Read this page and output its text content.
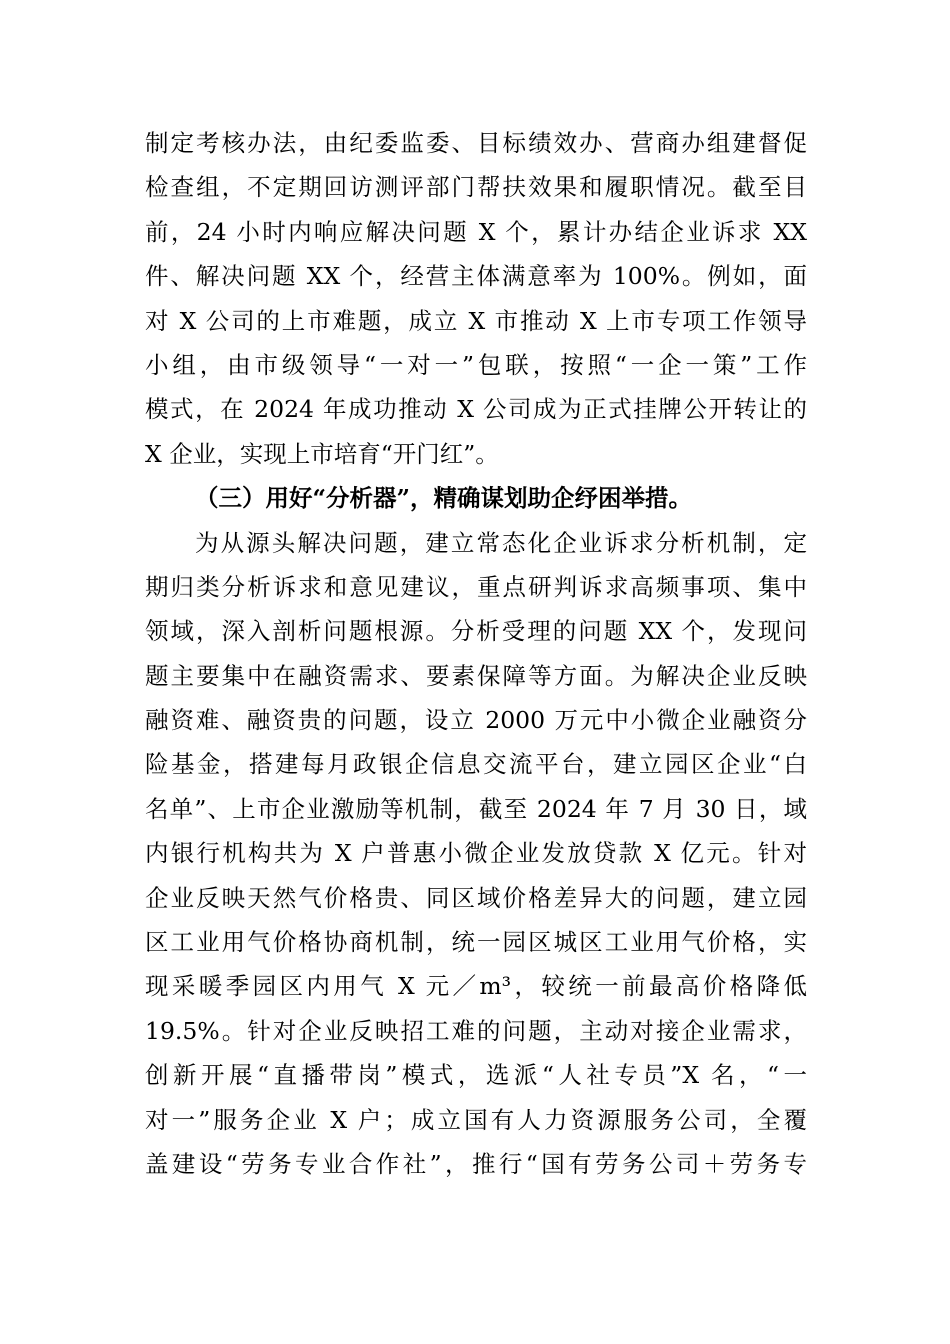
制定考核办法，由纪委监委、目标绩效办、营商办组建督促
检查组，不定期回访测评部门帮扶效果和履职情况。截至目
前，24 小时内响应解决问题 X 个，累计办结企业诉求 XX
件、解决问题 XX 个，经营主体满意率为 100%。例如，面
对 X 公司的上市难题，成立 X 市推动 X 上市专项工作领导
小组，由市级领导“一对一”包联，按照“一企一策”工作
模式，在 2024 年成功推动 X 公司成为正式挂牌公开转让的
X 企业，实现上市培育“开门红”。
（三）用好“分析器”，精确谋划助企纾困举措。
为从源头解决问题，建立常态化企业诉求分析机制，定
期归类分析诉求和意见建议，重点研判诉求高频事项、集中
领域，深入剖析问题根源。分析受理的问题 XX 个，发现问
题主要集中在融资需求、要素保障等方面。为解决企业反映
融资难、融资贵的问题，设立 2000 万元中小微企业融资分
险基金，搭建每月政银企信息交流平台，建立园区企业“白
名单”、上市企业激励等机制，截至 2024 年 7 月 30 日，域
内银行机构共为 X 户普惠小微企业发放贷款 X 亿元。针对
企业反映天然气价格贵、同区域价格差异大的问题，建立园
区工业用气价格协商机制，统一园区城区工业用气价格，实
现采暖季园区内用气 X 元／m³，较统一前最高价格降低
19.5%。针对企业反映招工难的问题，主动对接企业需求，
创新开展“直播带岗”模式，选派“人社专员”X 名，“一
对一”服务企业 X 户；成立国有人力资源服务公司，全覆
盖建设“劳务专业合作社”，推行“国有劳务公司＋劳务专
